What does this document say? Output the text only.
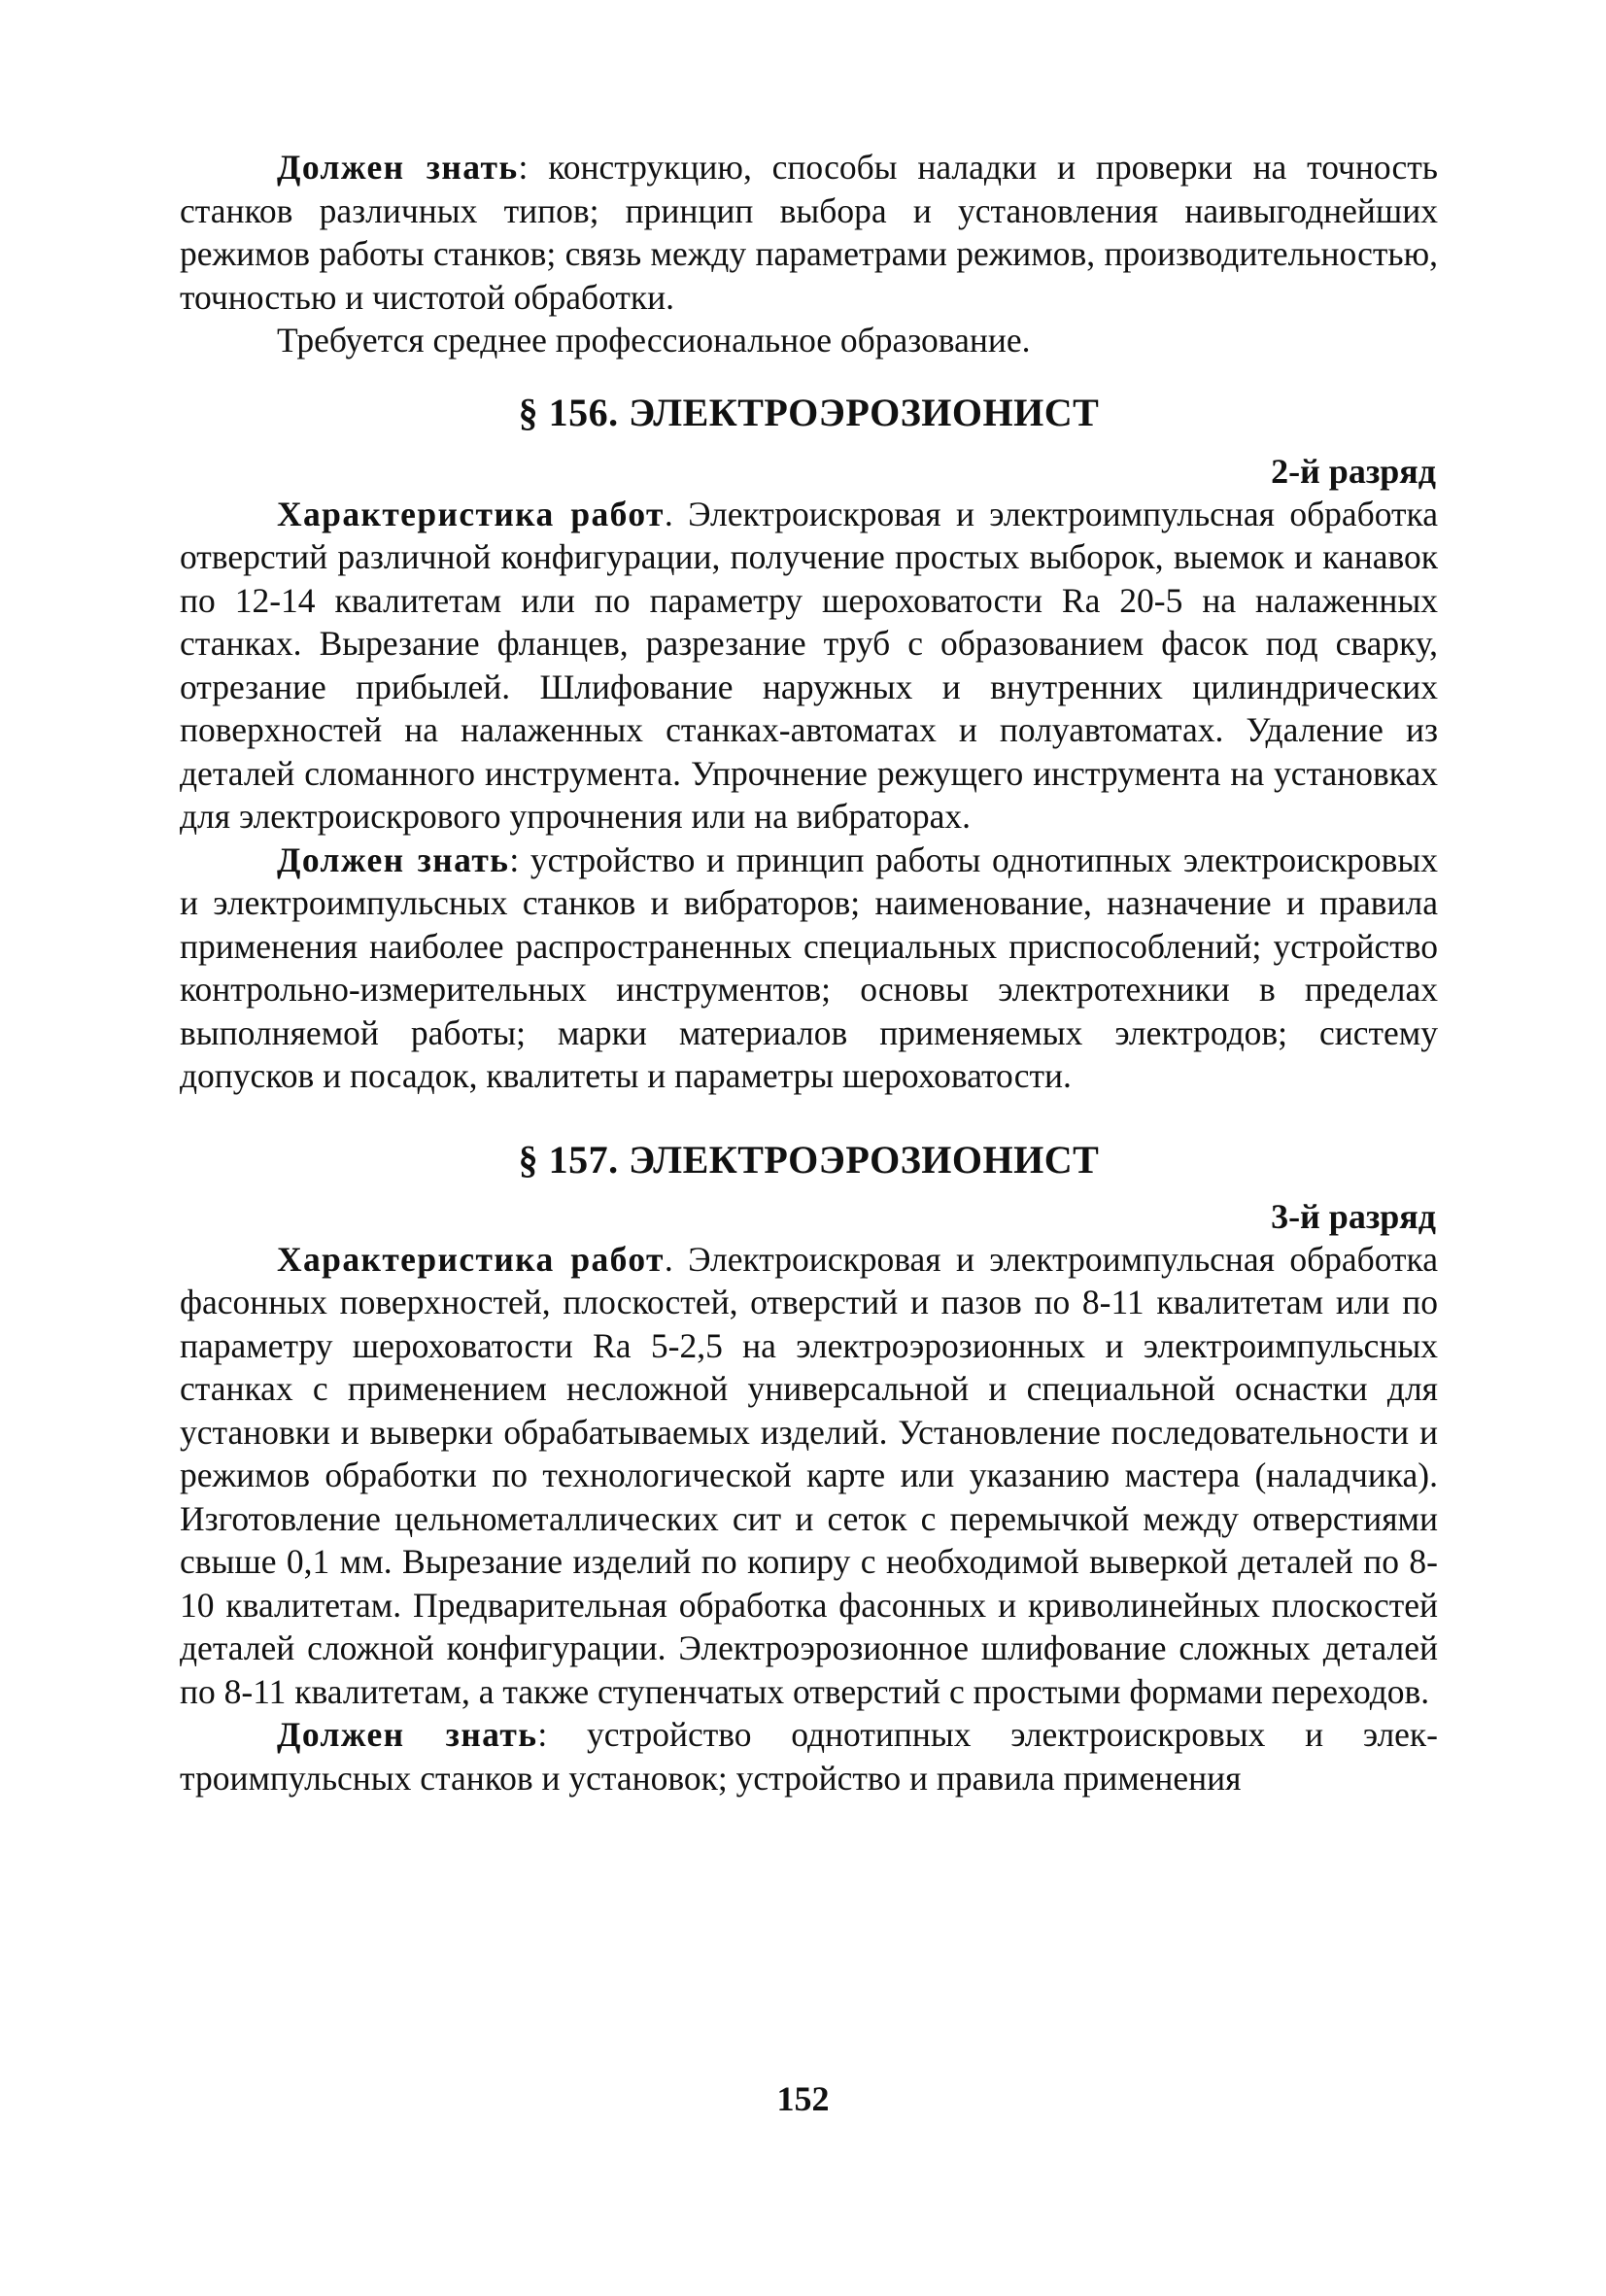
Должен знать: конструкцию, способы наладки и проверки на точность станков различных типов; принцип выбора и установления наивыгоднейших режимов работы станков; связь между параметрами режимов, производительностью, точностью и чистотой обработки.

Требуется среднее профессиональное образование.

§ 156. ЭЛЕКТРОЭРОЗИОНИСТ

2-й разряд

Характеристика работ. Электроискровая и электроимпульсная обработка отверстий различной конфигурации, получение простых выборок, выемок и канавок по 12-14 квалитетам или по параметру шероховатости Ra 20-5 на налаженных станках. Вырезание фланцев, разрезание труб с образованием фасок под сварку, отрезание прибылей. Шлифование наружных и внутренних цилиндрических поверхностей на налаженных станках-автоматах и полуавтоматах. Удаление из деталей сломанного инструмента. Упрочнение режущего инструмента на установках для электроискрового упрочнения или на вибраторах.

Должен знать: устройство и принцип работы однотипных электроискровых и электроимпульсных станков и вибраторов; наименование, назначение и правила применения наиболее распространенных специальных приспособлений; устройство контрольно-измерительных инструментов; основы электротехники в пределах выполняемой работы; марки материалов применяемых электродов; систему допусков и посадок, квалитеты и параметры шероховатости.

§ 157. ЭЛЕКТРОЭРОЗИОНИСТ

3-й разряд

Характеристика работ. Электроискровая и электроимпульсная обработка фасонных поверхностей, плоскостей, отверстий и пазов по 8-11 квалитетам или по параметру шероховатости Ra 5-2,5 на электроэрозионных и электроимпульсных станках с применением несложной универсальной и специальной оснастки для установки и выверки обрабатываемых изделий. Установление последовательности и режимов обработки по технологической карте или указанию мастера (наладчика). Изготовление цельнометаллических сит и сеток с перемычкой между отверстиями свыше 0,1 мм. Вырезание изделий по копиру с необходимой выверкой деталей по 8-10 квалитетам. Предварительная обработка фасонных и криволинейных плоскостей деталей сложной конфигурации. Электроэрозионное шлифование сложных деталей по 8-11 квалитетам, а также ступенчатых отверстий с простыми формами переходов.

Должен знать: устройство однотипных электроискровых и электроимпульсных станков и установок; устройство и правила применения

152
